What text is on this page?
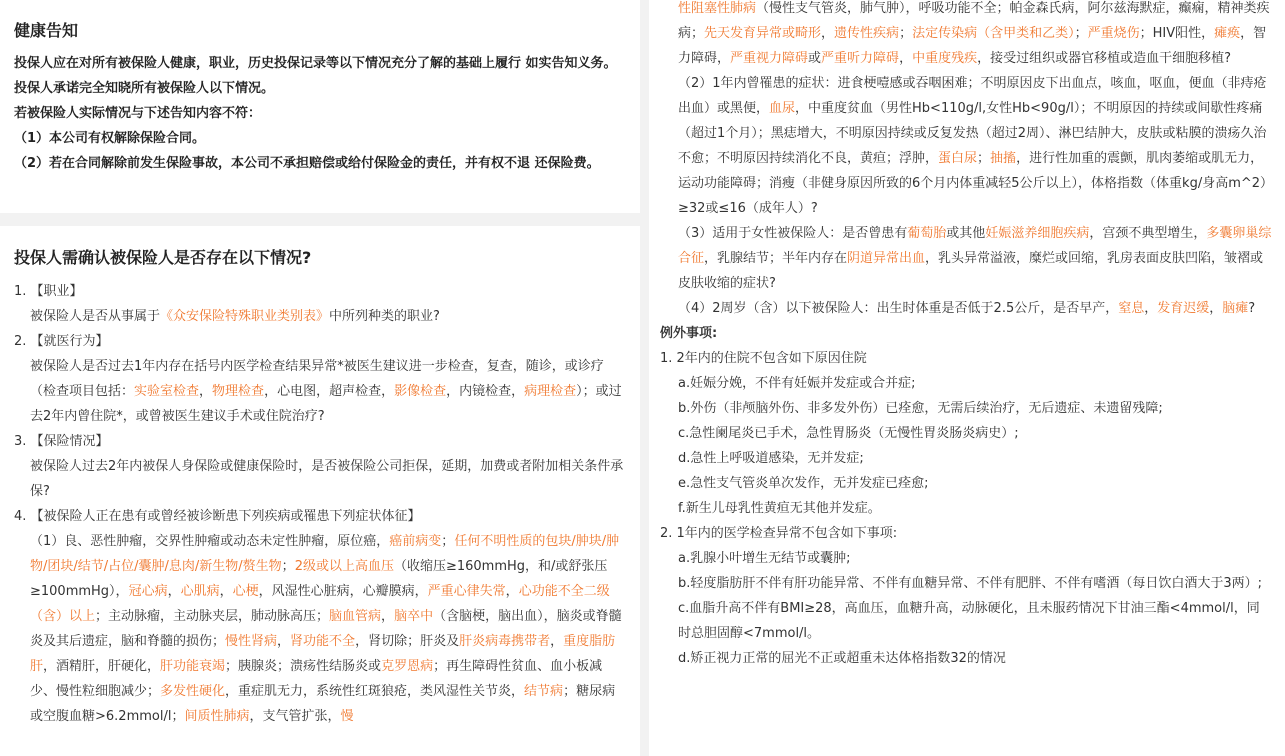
健康告知

投保人应在对所有被保险人健康，职业，历史投保记录等以下情况充分了解的基础上履行 如实告知义务。投保人承诺完全知晓所有被保险人以下情况。

若被保险人实际情况与下述告知内容不符：

（1）本公司有权解除保险合同。

（2）若在合同解除前发生保险事故，本公司不承担赔偿或给付保险金的责任，并有权不退 还保险费。

投保人需确认被保险人是否存在以下情况?

1. 【职业】

被保险人是否从事属于《众安保险特殊职业类别表》中所列种类的职业?

2. 【就医行为】

被保险人是否过去1年内存在括号内医学检查结果异常*被医生建议进一步检查，复查，随诊，或诊疗（检查项目包括：实验室检查，物理检查，心电图，超声检查，影像检查，内镜检查，病理检查）；或过去2年内曾住院*，或曾被医生建议手术或住院治疗?

3. 【保险情况】

被保险人过去2年内被保人身保险或健康保险时，是否被保险公司拒保，延期，加费或者附加相关条件承保?

4. 【被保险人正在患有或曾经被诊断患下列疾病或罹患下列症状体征】

（1）良、恶性肿瘤，交界性肿瘤或动态未定性肿瘤，原位癌，癌前病变；任何不明性质的包块/肿块/肿物/团块/结节/占位/囊肿/息肉/新生物/赘生物；2级或以上高血压（收缩压≥160mmHg，和/或舒张压≥100mmHg），冠心病，心肌病，心梗，风湿性心脏病，心瓣膜病，严重心律失常，心功能不全二级（含）以上；主动脉瘤，主动脉夹层，肺动脉高压；脑血管病，脑卒中（含脑梗，脑出血），脑炎或脊髓炎及其后遗症，脑和脊髓的损伤；慢性肾病，肾功能不全，肾切除；肝炎及肝炎病毒携带者，重度脂肪肝，酒精肝，肝硬化，肝功能衰竭；胰腺炎；溃疡性结肠炎或克罗恩病；再生障碍性贫血、血小板减少、慢性粒细胞减少；多发性硬化，重症肌无力，系统性红斑狼疮，类风湿性关节炎，结节病；糖尿病或空腹血糖>6.2mmol/l；间质性肺病，支气管扩张，慢

性阻塞性肺病（慢性支气管炎，肺气肿），呼吸功能不全；帕金森氏病，阿尔兹海默症，癫痫，精神类疾病；先天发育异常或畸形，遗传性疾病；法定传染病（含甲类和乙类）；严重烧伤；HIV阳性，瘫痪，智力障碍，严重视力障碍或严重听力障碍，中重度残疾，接受过组织或器官移植或造血干细胞移植?

（2）1年内曾罹患的症状：进食梗噎感或吞咽困难；不明原因皮下出血点，咳血，呕血，便血（非痔疮出血）或黑便，血尿，中重度贫血（男性Hb<110g/l,女性Hb<90g/l）；不明原因的持续或间歇性疼痛（超过1个月）；黑痣增大，不明原因持续或反复发热（超过2周）、淋巴结肿大，皮肤或粘膜的溃疡久治不愈；不明原因持续消化不良，黄疸；浮肿，蛋白尿；抽搐，进行性加重的震颤，肌肉萎缩或肌无力，运动功能障碍；消瘦（非健身原因所致的6个月内体重减轻5公斤以上），体格指数（体重kg/身高m^2）≥32或≤16（成年人）?

（3）适用于女性被保险人：是否曾患有葡萄胎或其他妊娠滋养细胞疾病，宫颈不典型增生，多囊卵巢综合征，乳腺结节；半年内存在阴道异常出血，乳头异常溢液，糜烂或回缩，乳房表面皮肤凹陷，皱褶或皮肤收缩的症状?

（4）2周岁（含）以下被保险人：出生时体重是否低于2.5公斤，是否早产，窒息，发育迟缓，脑瘫?

例外事项:

1. 2年内的住院不包含如下原因住院

a.妊娠分娩，不伴有妊娠并发症或合并症;

b.外伤（非颅脑外伤、非多发外伤）已痊愈，无需后续治疗，无后遗症、未遗留残障;

c.急性阑尾炎已手术，急性胃肠炎（无慢性胃炎肠炎病史）;

d.急性上呼吸道感染，无并发症;

e.急性支气管炎单次发作，无并发症已痊愈;

f.新生儿母乳性黄疸无其他并发症。

2. 1年内的医学检查异常不包含如下事项:

a.乳腺小叶增生无结节或囊肿;

b.轻度脂肪肝不伴有肝功能异常、不伴有血糖异常、不伴有肥胖、不伴有嗜酒（每日饮白酒大于3两）;

c.血脂升高不伴有BMI≥28，高血压，血糖升高，动脉硬化，且未服药情况下甘油三酯<4mmol/l，同时总胆固醇<7mmol/l。

d.矫正视力正常的屈光不正或超重未达体格指数32的情况
